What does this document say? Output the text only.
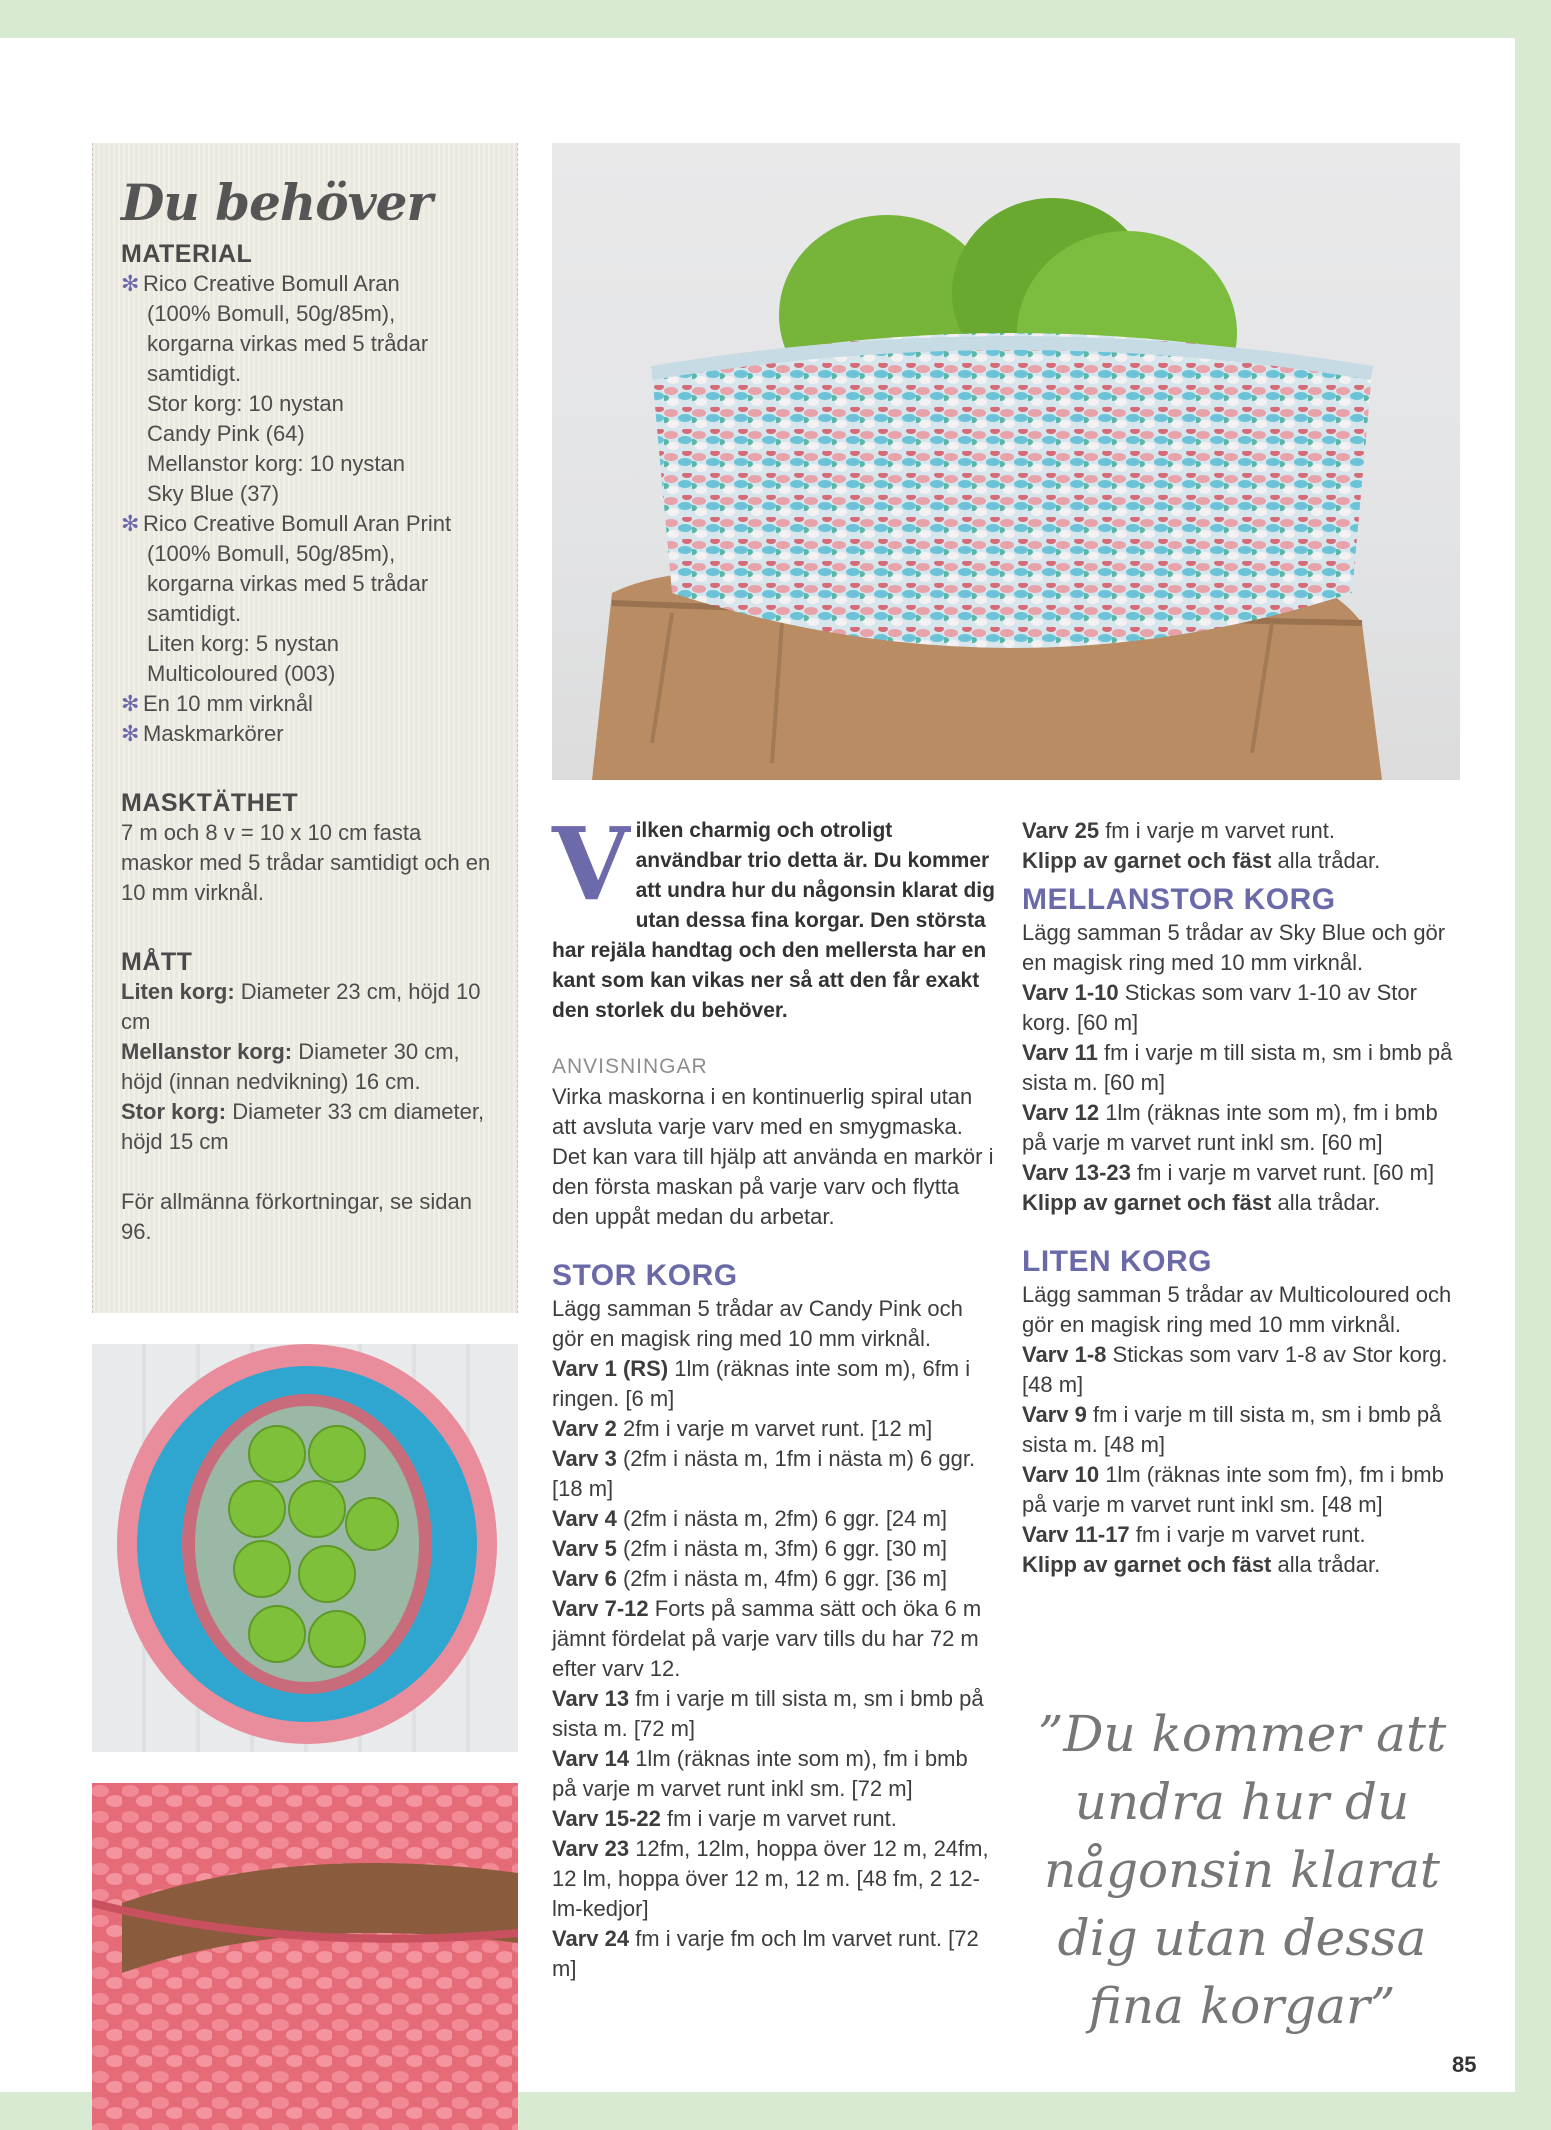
Du behöver
MATERIAL
✻ Rico Creative Bomull Aran
(100% Bomull, 50g/85m),
korgarna virkas med 5 trådar
samtidigt.
Stor korg: 10 nystan
Candy Pink (64)
Mellanstor korg: 10 nystan
Sky Blue (37)
✻ Rico Creative Bomull Aran Print
(100% Bomull, 50g/85m),
korgarna virkas med 5 trådar
samtidigt.
Liten korg: 5 nystan
Multicoloured (003)
✻ En 10 mm virknål
✻ Maskmarkörer
MASKTÄTHET
7 m och 8 v = 10 x 10 cm fasta maskor med 5 trådar samtidigt och en 10 mm virknål.
MÅTT
Liten korg: Diameter 23 cm, höjd 10 cm
Mellanstor korg: Diameter 30 cm, höjd (innan nedvikning) 16 cm.
Stor korg: Diameter 33 cm diameter, höjd 15 cm
För allmänna förkortningar, se sidan 96.
Vilken charmig och otroligt användbar trio detta är. Du kommer att undra hur du någonsin klarat dig utan dessa fina korgar. Den största har rejäla handtag och den mellersta har en kant som kan vikas ner så att den får exakt den storlek du behöver.
ANVISNINGAR
Virka maskorna i en kontinuerlig spiral utan att avsluta varje varv med en smygmaska. Det kan vara till hjälp att använda en markör i den första maskan på varje varv och flytta den uppåt medan du arbetar.
STOR KORG
Lägg samman 5 trådar av Candy Pink och gör en magisk ring med 10 mm virknål.
Varv 1 (RS) 1lm (räknas inte som m), 6fm i ringen. [6 m]
Varv 2 2fm i varje m varvet runt. [12 m]
Varv 3 (2fm i nästa m, 1fm i nästa m) 6 ggr. [18 m]
Varv 4 (2fm i nästa m, 2fm) 6 ggr. [24 m]
Varv 5 (2fm i nästa m, 3fm) 6 ggr. [30 m]
Varv 6 (2fm i nästa m, 4fm) 6 ggr. [36 m]
Varv 7-12 Forts på samma sätt och öka 6 m jämnt fördelat på varje varv tills du har 72 m efter varv 12.
Varv 13 fm i varje m till sista m, sm i bmb på sista m. [72 m]
Varv 14 1lm (räknas inte som m), fm i bmb på varje m varvet runt inkl sm. [72 m]
Varv 15-22 fm i varje m varvet runt.
Varv 23 12fm, 12lm, hoppa över 12 m, 24fm, 12 lm, hoppa över 12 m, 12 m. [48 fm, 2 12-lm-kedjor]
Varv 24 fm i varje fm och lm varvet runt. [72 m]
Varv 25 fm i varje m varvet runt.
Klipp av garnet och fäst alla trådar.
MELLANSTOR KORG
Lägg samman 5 trådar av Sky Blue och gör en magisk ring med 10 mm virknål.
Varv 1-10 Stickas som varv 1-10 av Stor korg. [60 m]
Varv 11 fm i varje m till sista m, sm i bmb på sista m. [60 m]
Varv 12 1lm (räknas inte som m), fm i bmb på varje m varvet runt inkl sm. [60 m]
Varv 13-23 fm i varje m varvet runt. [60 m]
Klipp av garnet och fäst alla trådar.
LITEN KORG
Lägg samman 5 trådar av Multicoloured och gör en magisk ring med 10 mm virknål.
Varv 1-8 Stickas som varv 1-8 av Stor korg. [48 m]
Varv 9 fm i varje m till sista m, sm i bmb på sista m. [48 m]
Varv 10 1lm (räknas inte som fm), fm i bmb på varje m varvet runt inkl sm. [48 m]
Varv 11-17 fm i varje m varvet runt.
Klipp av garnet och fäst alla trådar.
”Du kommer att undra hur du någonsin klarat dig utan dessa fina korgar”
85
